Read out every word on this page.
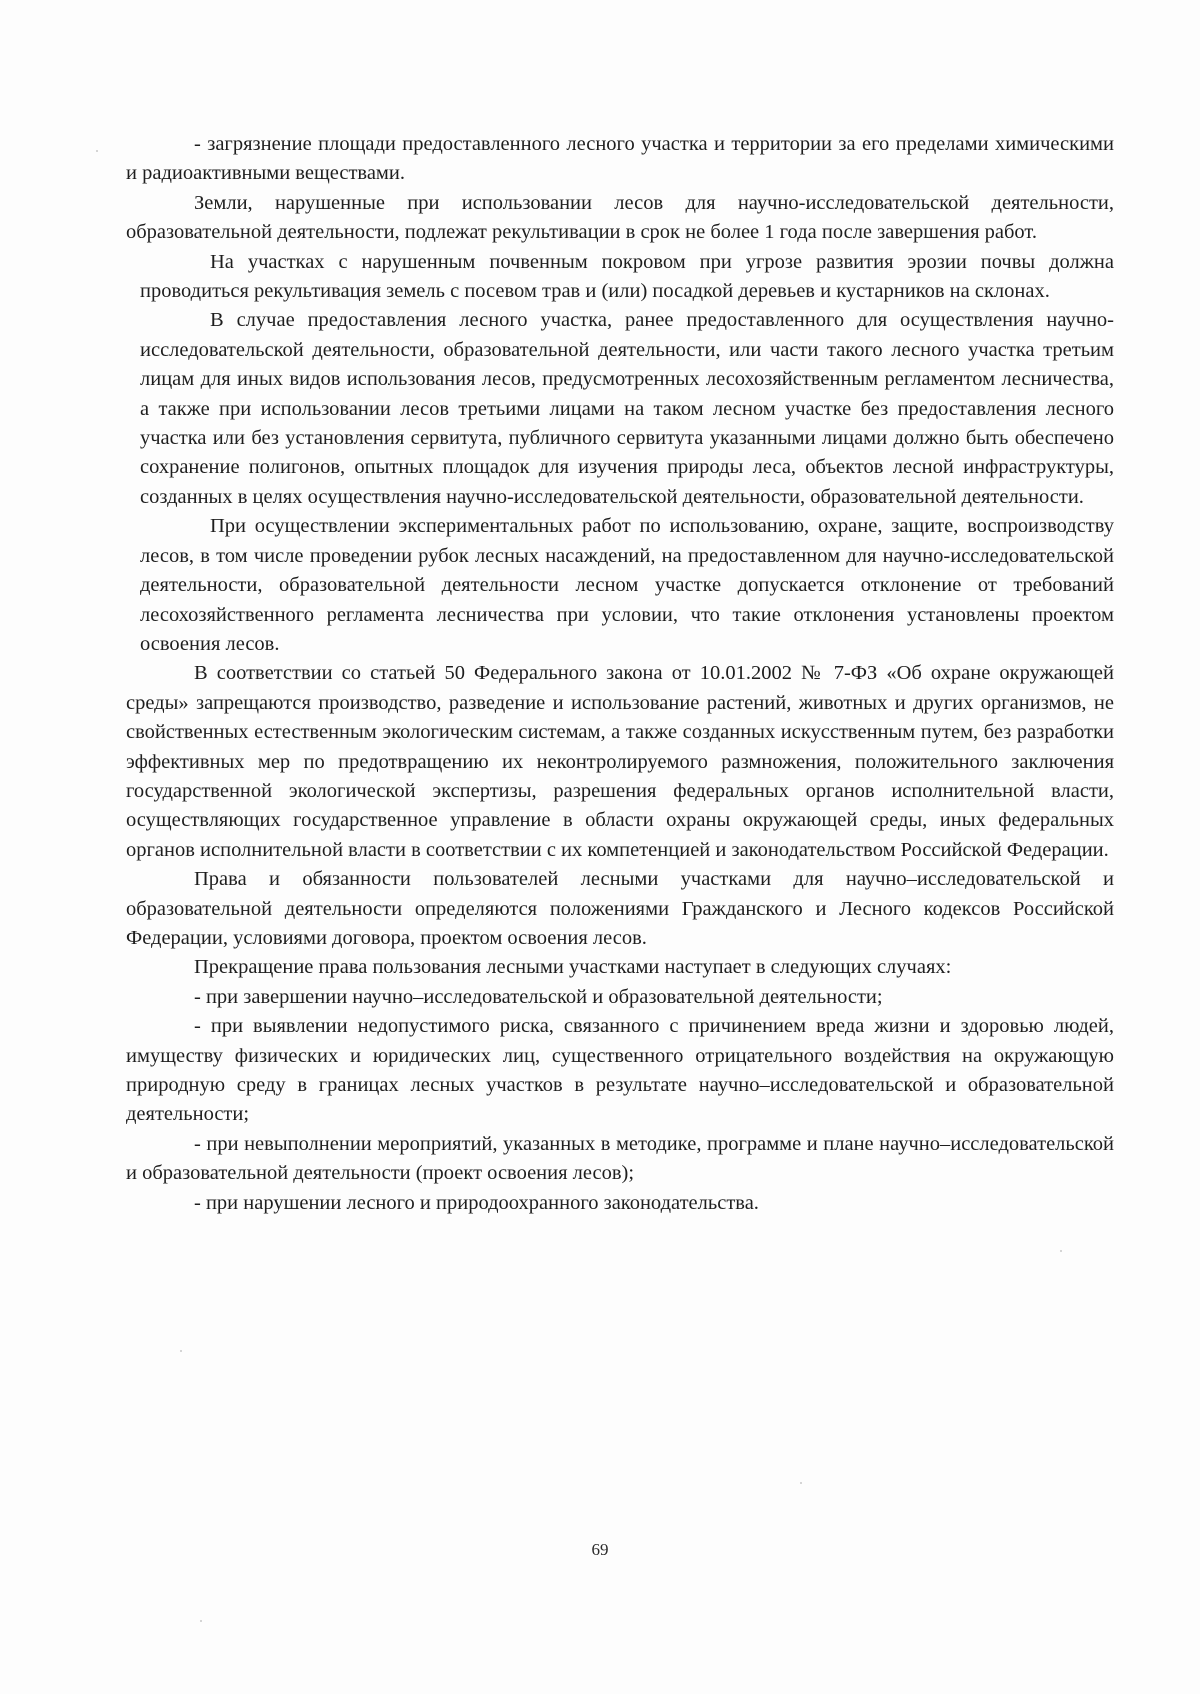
- загрязнение площади предоставленного лесного участка и территории за его пределами химическими и радиоактивными веществами.

Земли, нарушенные при использовании лесов для научно-исследовательской деятельности, образовательной деятельности, подлежат рекультивации в срок не более 1 года после завершения работ.

На участках с нарушенным почвенным покровом при угрозе развития эрозии почвы должна проводиться рекультивация земель с посевом трав и (или) посадкой деревьев и кустарников на склонах.

В случае предоставления лесного участка, ранее предоставленного для осуществления научно-исследовательской деятельности, образовательной деятельности, или части такого лесного участка третьим лицам для иных видов использования лесов, предусмотренных лесохозяйственным регламентом лесничества, а также при использовании лесов третьими лицами на таком лесном участке без предоставления лесного участка или без установления сервитута, публичного сервитута указанными лицами должно быть обеспечено сохранение полигонов, опытных площадок для изучения природы леса, объектов лесной инфраструктуры, созданных в целях осуществления научно-исследовательской деятельности, образовательной деятельности.

При осуществлении экспериментальных работ по использованию, охране, защите, воспроизводству лесов, в том числе проведении рубок лесных насаждений, на предоставленном для научно-исследовательской деятельности, образовательной деятельности лесном участке допускается отклонение от требований лесохозяйственного регламента лесничества при условии, что такие отклонения установлены проектом освоения лесов.

В соответствии со статьей 50 Федерального закона от 10.01.2002 № 7-ФЗ «Об охране окружающей среды» запрещаются производство, разведение и использование растений, животных и других организмов, не свойственных естественным экологическим системам, а также созданных искусственным путем, без разработки эффективных мер по предотвращению их неконтролируемого размножения, положительного заключения государственной экологической экспертизы, разрешения федеральных органов исполнительной власти, осуществляющих государственное управление в области охраны окружающей среды, иных федеральных органов исполнительной власти в соответствии с их компетенцией и законодательством Российской Федерации.

Права и обязанности пользователей лесными участками для научно–исследовательской и образовательной деятельности определяются положениями Гражданского и Лесного кодексов Российской Федерации, условиями договора, проектом освоения лесов.

Прекращение права пользования лесными участками наступает в следующих случаях:

- при завершении научно–исследовательской и образовательной деятельности;

- при выявлении недопустимого риска, связанного с причинением вреда жизни и здоровью людей, имуществу физических и юридических лиц, существенного отрицательного воздействия на окружающую природную среду в границах лесных участков в результате научно–исследовательской и образовательной деятельности;

- при невыполнении мероприятий, указанных в методике, программе и плане научно–исследовательской и образовательной деятельности (проект освоения лесов);

- при нарушении лесного и природоохранного законодательства.

69
